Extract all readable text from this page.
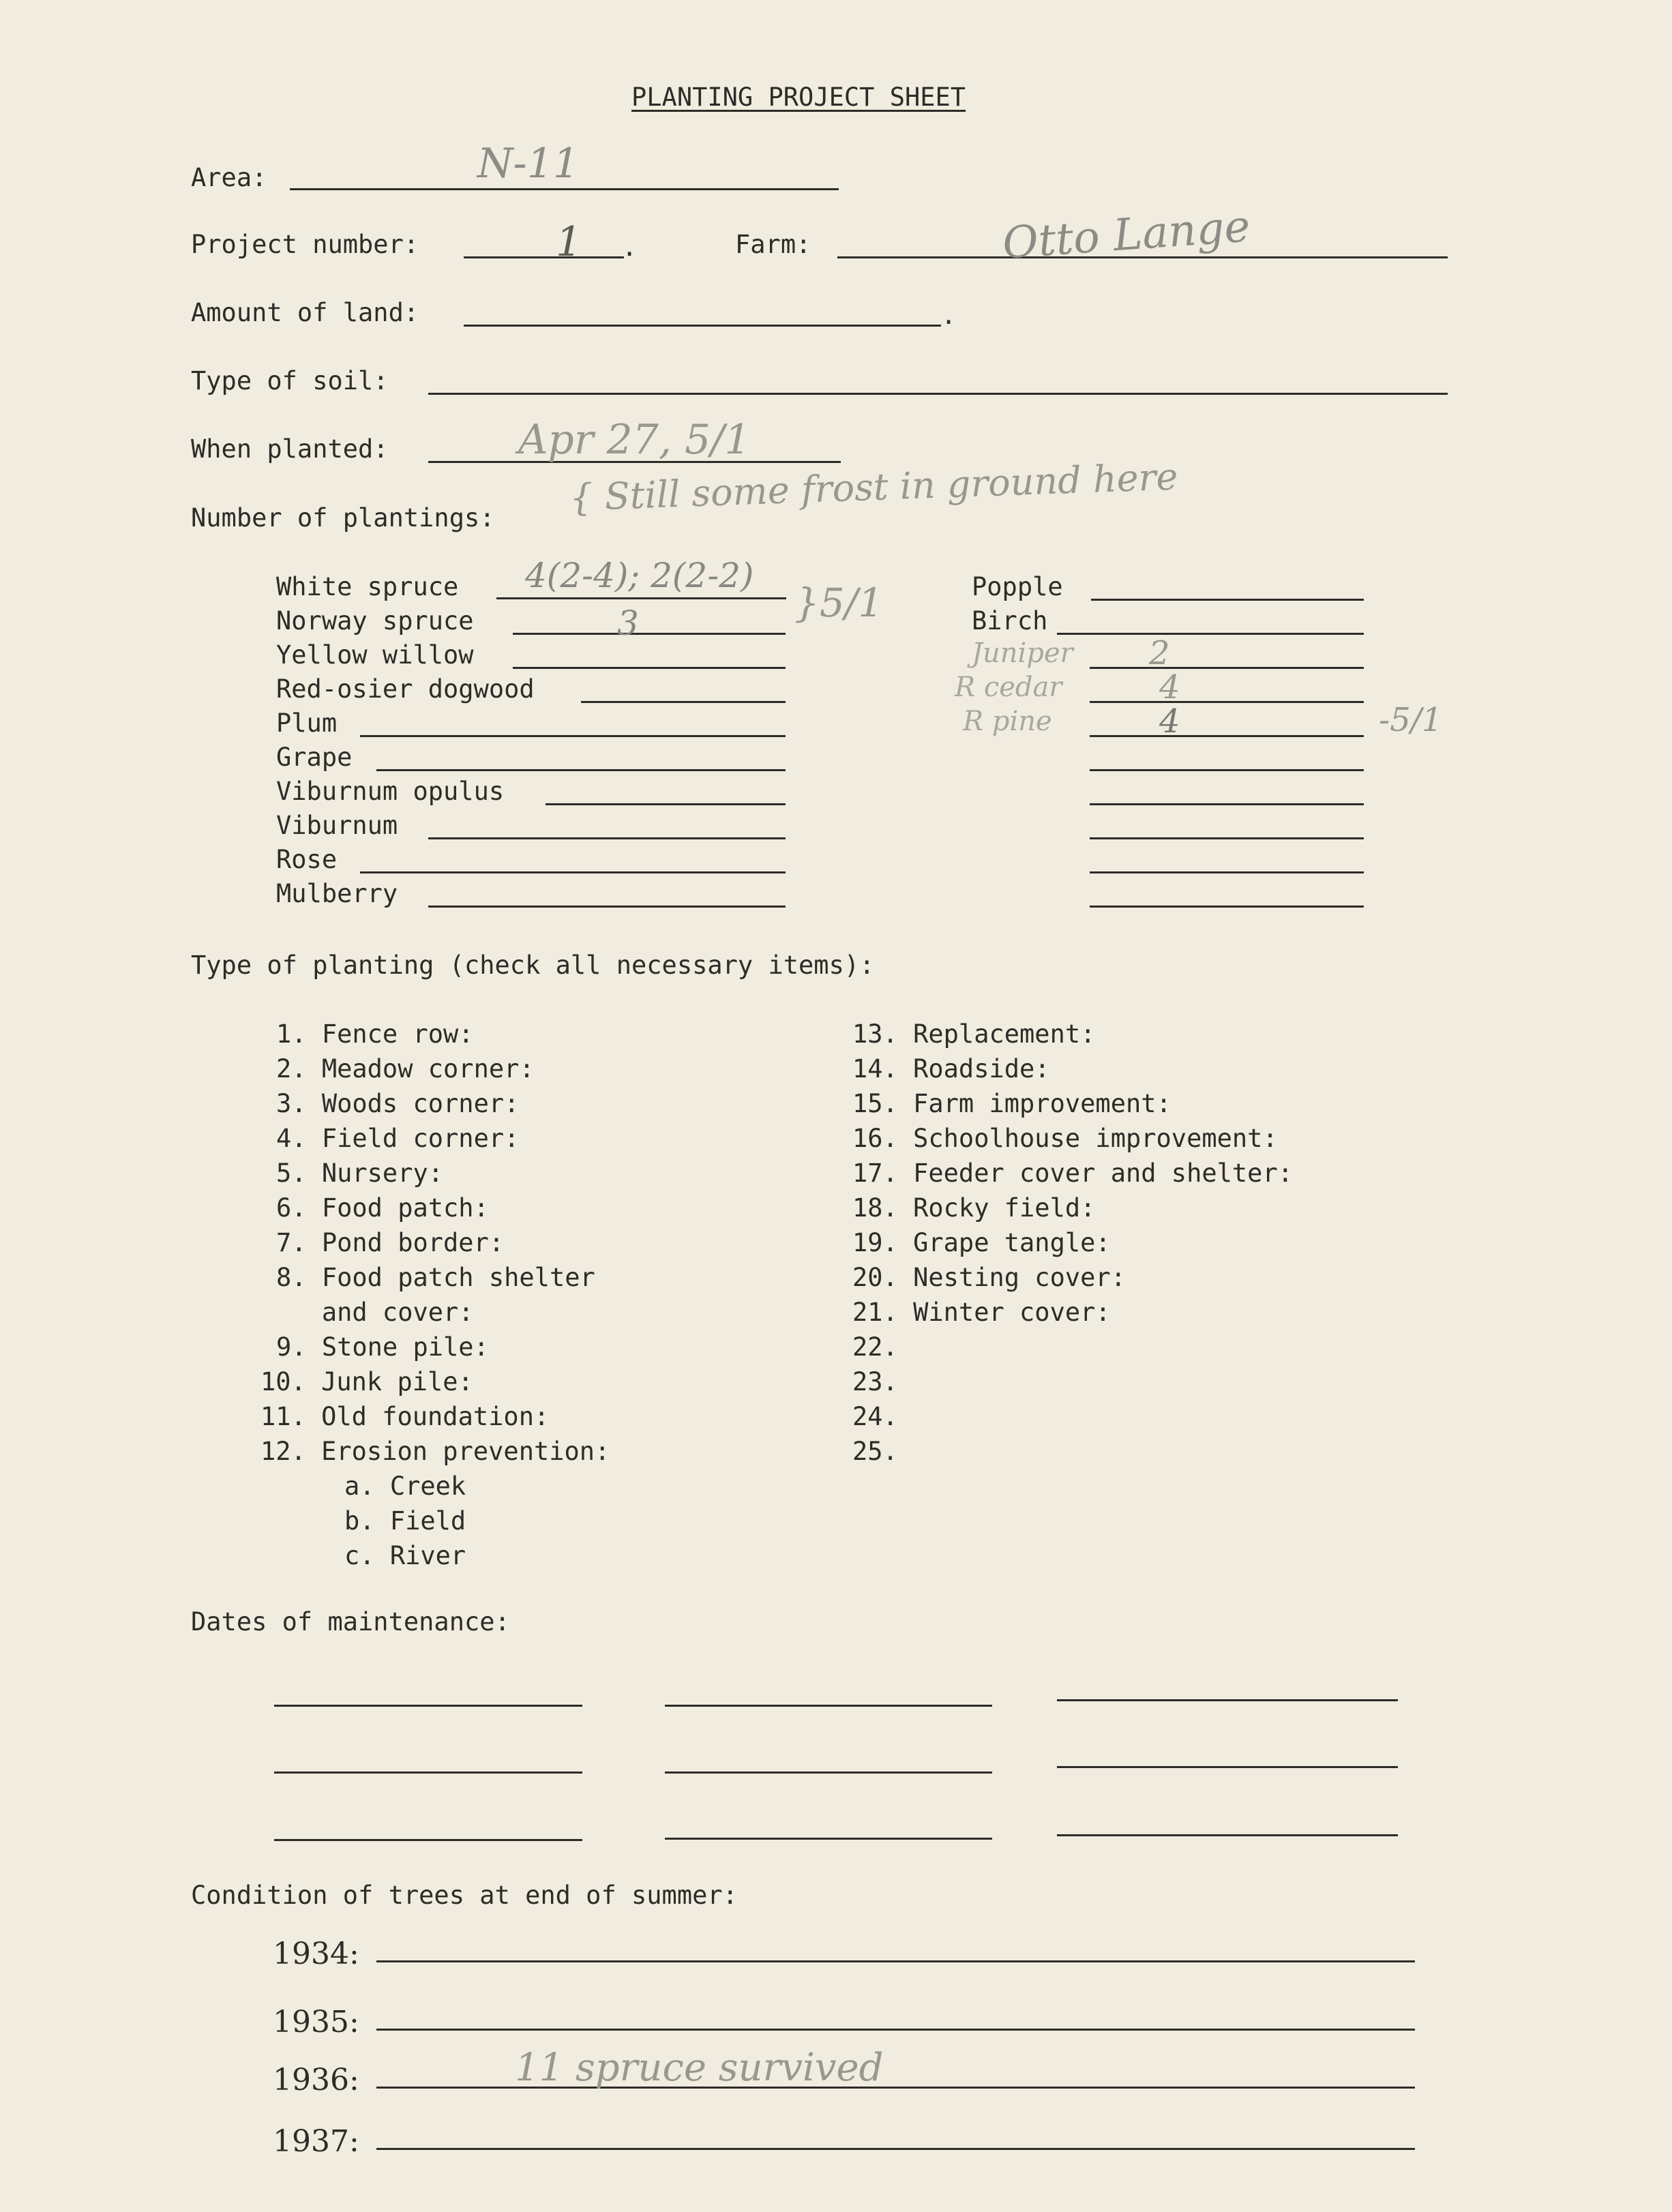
PLANTING PROJECT SHEET
Area:	N-11
Project number:	1 .	Farm:	Otto Lange
Amount of land:	.
Type of soil:
When planted:	Apr 27, 5/1
{ Still some frost in ground here
Number of plantings:
White spruce 4(2-4); 2(2-2)
Norway spruce	3	}5/1
Yellow willow
Red-osier dogwood
Plum
Grape
Viburnum opulus
Viburnum
Rose
Mulberry
Popple
Birch
Juniper 2
R cedar	4
R pine	4	-5/1
Type of planting (check all necessary items):
1. Fence row:
2. Meadow corner:
3. Woods corner:
4. Field corner:
5. Nursery:
6. Food patch:
7. Pond border:
8. Food patch shelter
and cover:
9. Stone pile:
10. Junk pile:
11. Old foundation:
12. Erosion prevention:
a. Creek
b. Field
c. River
13. Replacement:
14. Roadside:
15. Farm improvement:
16. Schoolhouse improvement:
17. Feeder cover and shelter:
18. Rocky field:
19. Grape tangle:
20. Nesting cover:
21. Winter cover:
22.
23.
24.
25.
Dates of maintenance:
Condition of trees at end of summer:
1934:
1935:
1936:	11 spruce survived
1937:
